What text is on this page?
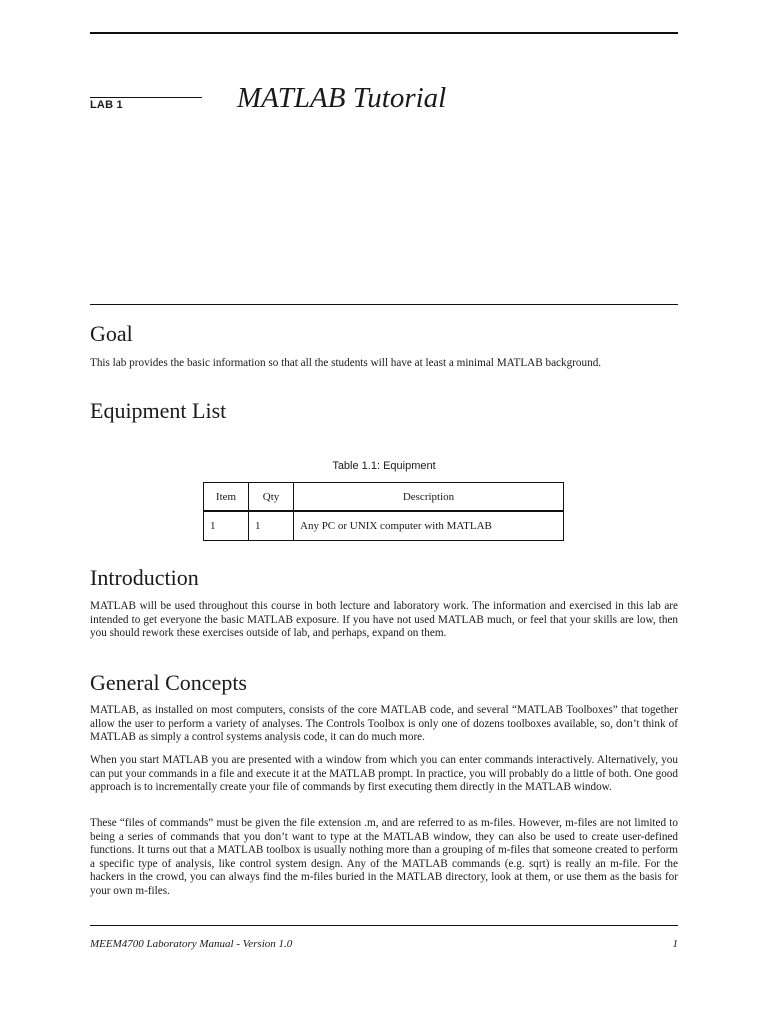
LAB 1	MATLAB Tutorial
Goal

This lab provides the basic information so that all the students will have at least a minimal MATLAB background.

Equipment List
Table 1.1: Equipment
Item	Qty	Description
1	1	Any PC or UNIX computer with MATLAB
Introduction

MATLAB will be used throughout this course in both lecture and laboratory work. The information and exercised in this lab are intended to get everyone the basic MATLAB exposure. If you have not used MATLAB much, or feel that your skills are low, then you should rework these exercises outside of lab, and perhaps, expand on them.

General Concepts

MATLAB, as installed on most computers, consists of the core MATLAB code, and several “MATLAB Toolboxes” that together allow the user to perform a variety of analyses. The Controls Toolbox is only one of dozens toolboxes available, so, don’t think of MATLAB as simply a control systems analysis code, it can do much more.

When you start MATLAB you are presented with a window from which you can enter commands interactively. Alternatively, you can put your commands in a file and execute it at the MATLAB prompt. In practice, you will probably do a little of both. One good approach is to incrementally create your file of commands by first executing them directly in the MATLAB window.

These “files of commands” must be given the file extension .m, and are referred to as m-files. However, m-files are not limited to being a series of commands that you don’t want to type at the MATLAB window, they can also be used to create user-defined functions. It turns out that a MATLAB toolbox is usually nothing more than a grouping of m-files that someone created to perform a specific type of analysis, like control system design. Any of the MATLAB commands (e.g. sqrt) is really an m-file. For the hackers in the crowd, you can always find the m-files buried in the MATLAB directory, look at them, or use them as the basis for your own m-files.

MEEM4700 Laboratory Manual - Version 1.0	1
